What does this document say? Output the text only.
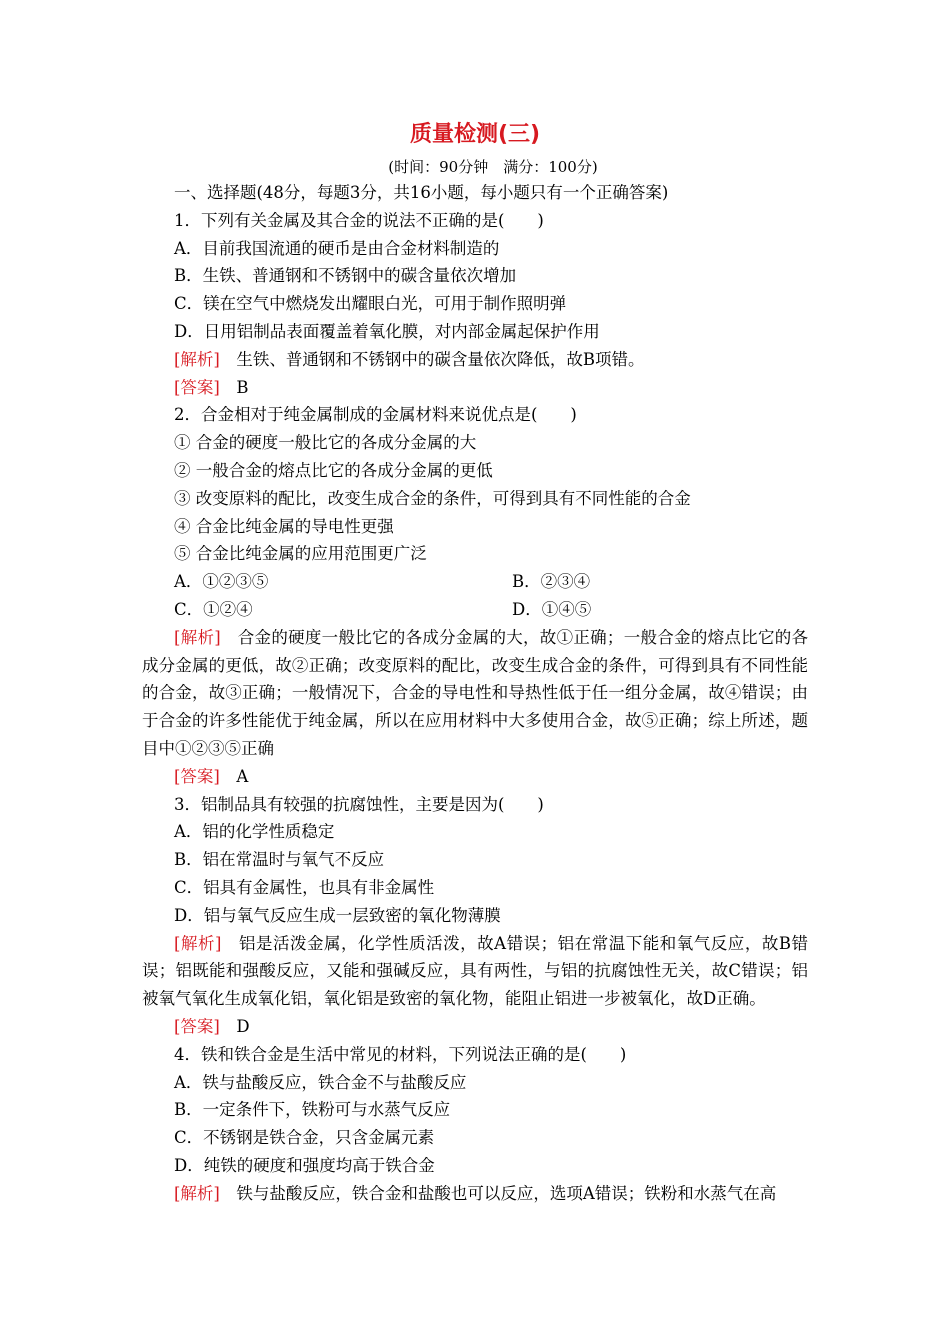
质量检测(三)

(时间：90分钟　满分：100分)

一、选择题(48分，每题3分，共16小题，每小题只有一个正确答案)
1．下列有关金属及其合金的说法不正确的是(　　)
A．目前我国流通的硬币是由合金材料制造的
B．生铁、普通钢和不锈钢中的碳含量依次增加
C．镁在空气中燃烧发出耀眼白光，可用于制作照明弹
D．日用铝制品表面覆盖着氧化膜，对内部金属起保护作用
[解析]　生铁、普通钢和不锈钢中的碳含量依次降低，故B项错。
[答案]　B
2．合金相对于纯金属制成的金属材料来说优点是(　　)
① 合金的硬度一般比它的各成分金属的大
② 一般合金的熔点比它的各成分金属的更低
③ 改变原料的配比，改变生成合金的条件，可得到具有不同性能的合金
④ 合金比纯金属的导电性更强
⑤ 合金比纯金属的应用范围更广泛
A．①②③⑤	B．②③④
C．①②④	D．①④⑤
[解析]　合金的硬度一般比它的各成分金属的大，故①正确；一般合金的熔点比它的各成分金属的更低，故②正确；改变原料的配比，改变生成合金的条件，可得到具有不同性能的合金，故③正确；一般情况下，合金的导电性和导热性低于任一组分金属，故④错误；由于合金的许多性能优于纯金属，所以在应用材料中大多使用合金，故⑤正确；综上所述，题目中①②③⑤正确
[答案]　A
3．铝制品具有较强的抗腐蚀性，主要是因为(　　)
A．铝的化学性质稳定
B．铝在常温时与氧气不反应
C．铝具有金属性，也具有非金属性
D．铝与氧气反应生成一层致密的氧化物薄膜
[解析]　铝是活泼金属，化学性质活泼，故A错误；铝在常温下能和氧气反应，故B错误；铝既能和强酸反应，又能和强碱反应，具有两性，与铝的抗腐蚀性无关，故C错误；铝被氧气氧化生成氧化铝，氧化铝是致密的氧化物，能阻止铝进一步被氧化，故D正确。
[答案]　D
4．铁和铁合金是生活中常见的材料，下列说法正确的是(　　)
A．铁与盐酸反应，铁合金不与盐酸反应
B．一定条件下，铁粉可与水蒸气反应
C．不锈钢是铁合金，只含金属元素
D．纯铁的硬度和强度均高于铁合金
[解析]　铁与盐酸反应，铁合金和盐酸也可以反应，选项A错误；铁粉和水蒸气在高
